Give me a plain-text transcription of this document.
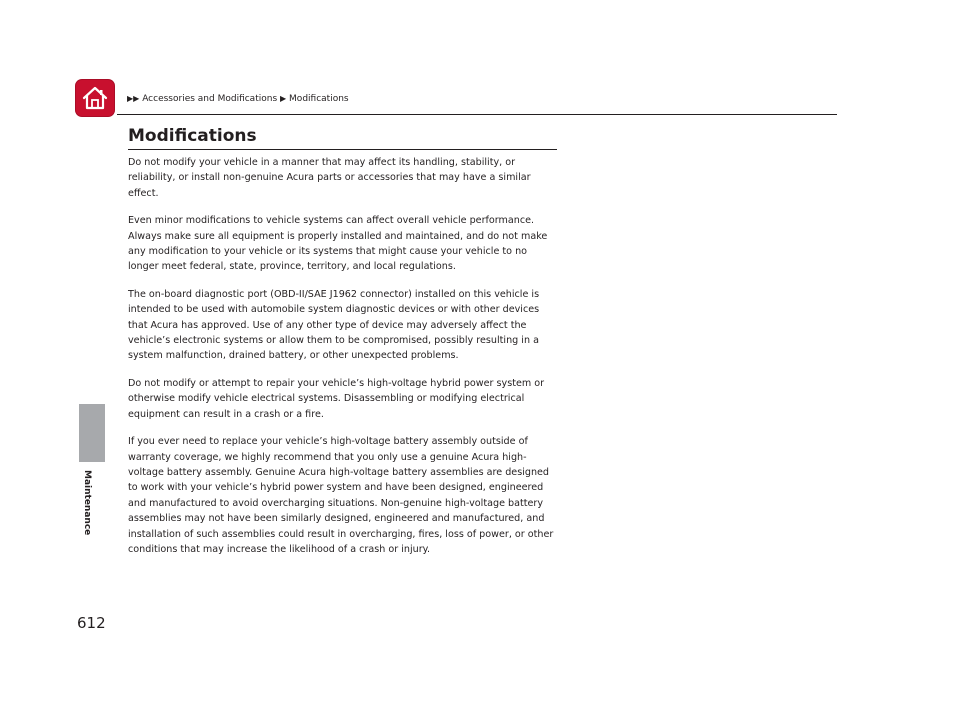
▶▶ Accessories and Modifications ▶ Modifications
Maintenance
Modifications

Do not modify your vehicle in a manner that may affect its handling, stability, or reliability, or install non-genuine Acura parts or accessories that may have a similar effect.

Even minor modifications to vehicle systems can affect overall vehicle performance. Always make sure all equipment is properly installed and maintained, and do not make any modification to your vehicle or its systems that might cause your vehicle to no longer meet federal, state, province, territory, and local regulations.

The on-board diagnostic port (OBD-II/SAE J1962 connector) installed on this vehicle is intended to be used with automobile system diagnostic devices or with other devices that Acura has approved. Use of any other type of device may adversely affect the vehicle’s electronic systems or allow them to be compromised, possibly resulting in a system malfunction, drained battery, or other unexpected problems.

Do not modify or attempt to repair your vehicle’s high-voltage hybrid power system or otherwise modify vehicle electrical systems. Disassembling or modifying electrical equipment can result in a crash or a fire.

If you ever need to replace your vehicle’s high-voltage battery assembly outside of warranty coverage, we highly recommend that you only use a genuine Acura high-voltage battery assembly. Genuine Acura high-voltage battery assemblies are designed to work with your vehicle’s hybrid power system and have been designed, engineered and manufactured to avoid overcharging situations. Non-genuine high-voltage battery assemblies may not have been similarly designed, engineered and manufactured, and installation of such assemblies could result in overcharging, fires, loss of power, or other conditions that may increase the likelihood of a crash or injury.

612
